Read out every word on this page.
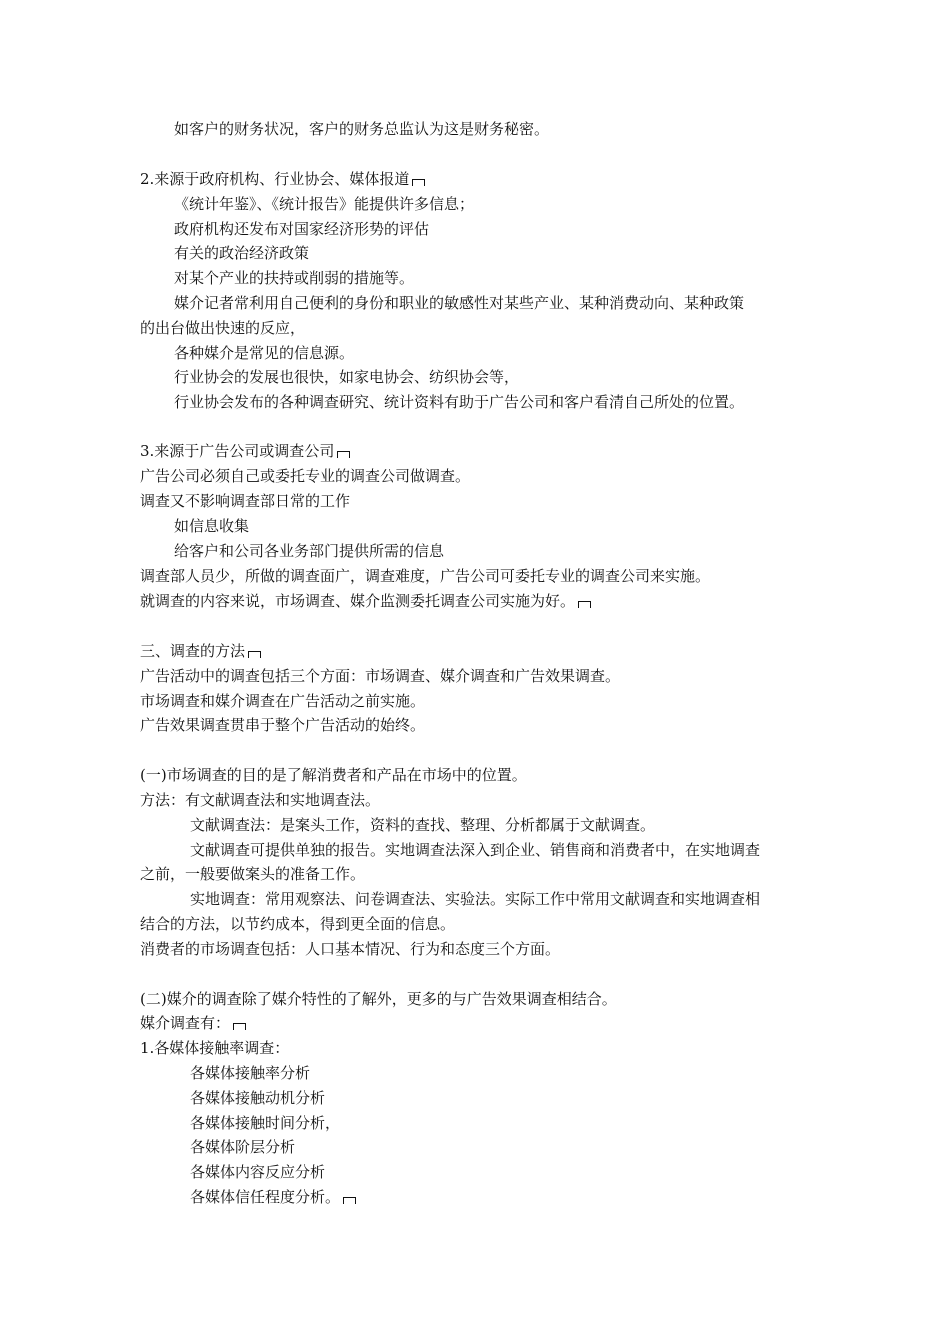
如客户的财务状况，客户的财务总监认为这是财务秘密。
2.来源于政府机构、行业协会、媒体报道
《统计年鉴》、《统计报告》能提供许多信息；
政府机构还发布对国家经济形势的评估
有关的政治经济政策
对某个产业的扶持或削弱的措施等。
媒介记者常利用自己便利的身份和职业的敏感性对某些产业、某种消费动向、某种政策
的出台做出快速的反应，
各种媒介是常见的信息源。
行业协会的发展也很快，如家电协会、纺织协会等，
行业协会发布的各种调查研究、统计资料有助于广告公司和客户看清自己所处的位置。
3.来源于广告公司或调查公司
广告公司必须自己或委托专业的调查公司做调查。
调查又不影响调查部日常的工作
如信息收集
给客户和公司各业务部门提供所需的信息
调查部人员少，所做的调查面广，调查难度，广告公司可委托专业的调查公司来实施。
就调查的内容来说，市场调查、媒介监测委托调查公司实施为好。
三、调查的方法
广告活动中的调查包括三个方面：市场调查、媒介调查和广告效果调查。
市场调查和媒介调查在广告活动之前实施。
广告效果调查贯串于整个广告活动的始终。
(一)市场调查的目的是了解消费者和产品在市场中的位置。
方法：有文献调查法和实地调查法。
文献调查法：是案头工作，资料的查找、整理、分析都属于文献调查。
文献调查可提供单独的报告。实地调查法深入到企业、销售商和消费者中，在实地调查
之前，一般要做案头的准备工作。
实地调查：常用观察法、问卷调查法、实验法。实际工作中常用文献调查和实地调查相
结合的方法，以节约成本，得到更全面的信息。
消费者的市场调查包括：人口基本情况、行为和态度三个方面。
(二)媒介的调查除了媒介特性的了解外，更多的与广告效果调查相结合。
媒介调查有：
1.各媒体接触率调查：
各媒体接触率分析
各媒体接触动机分析
各媒体接触时间分析，
各媒体阶层分析
各媒体内容反应分析
各媒体信任程度分析。
